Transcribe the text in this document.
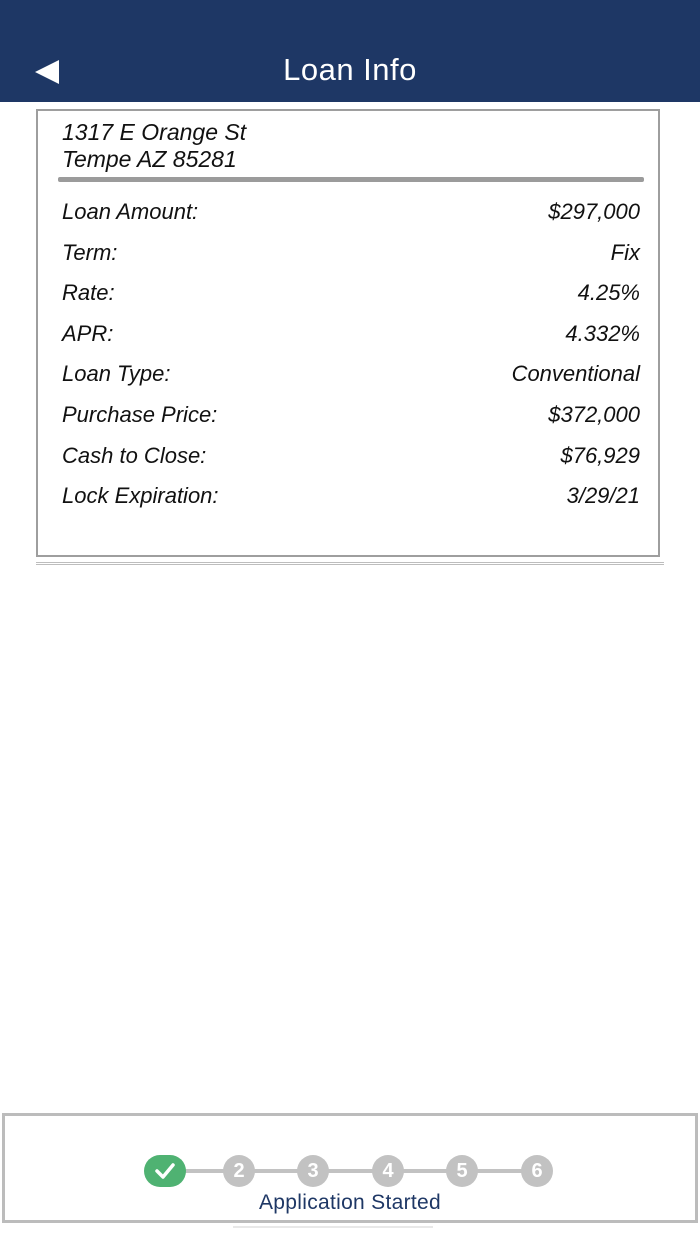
Loan Info
1317 E Orange St
Tempe AZ 85281
Loan Amount:	$297,000
Term:	Fix
Rate:	4.25%
APR:	4.332%
Loan Type:	Conventional
Purchase Price:	$372,000
Cash to Close:	$76,929
Lock Expiration:	3/29/21
2	3	4	5	6
Application Started
